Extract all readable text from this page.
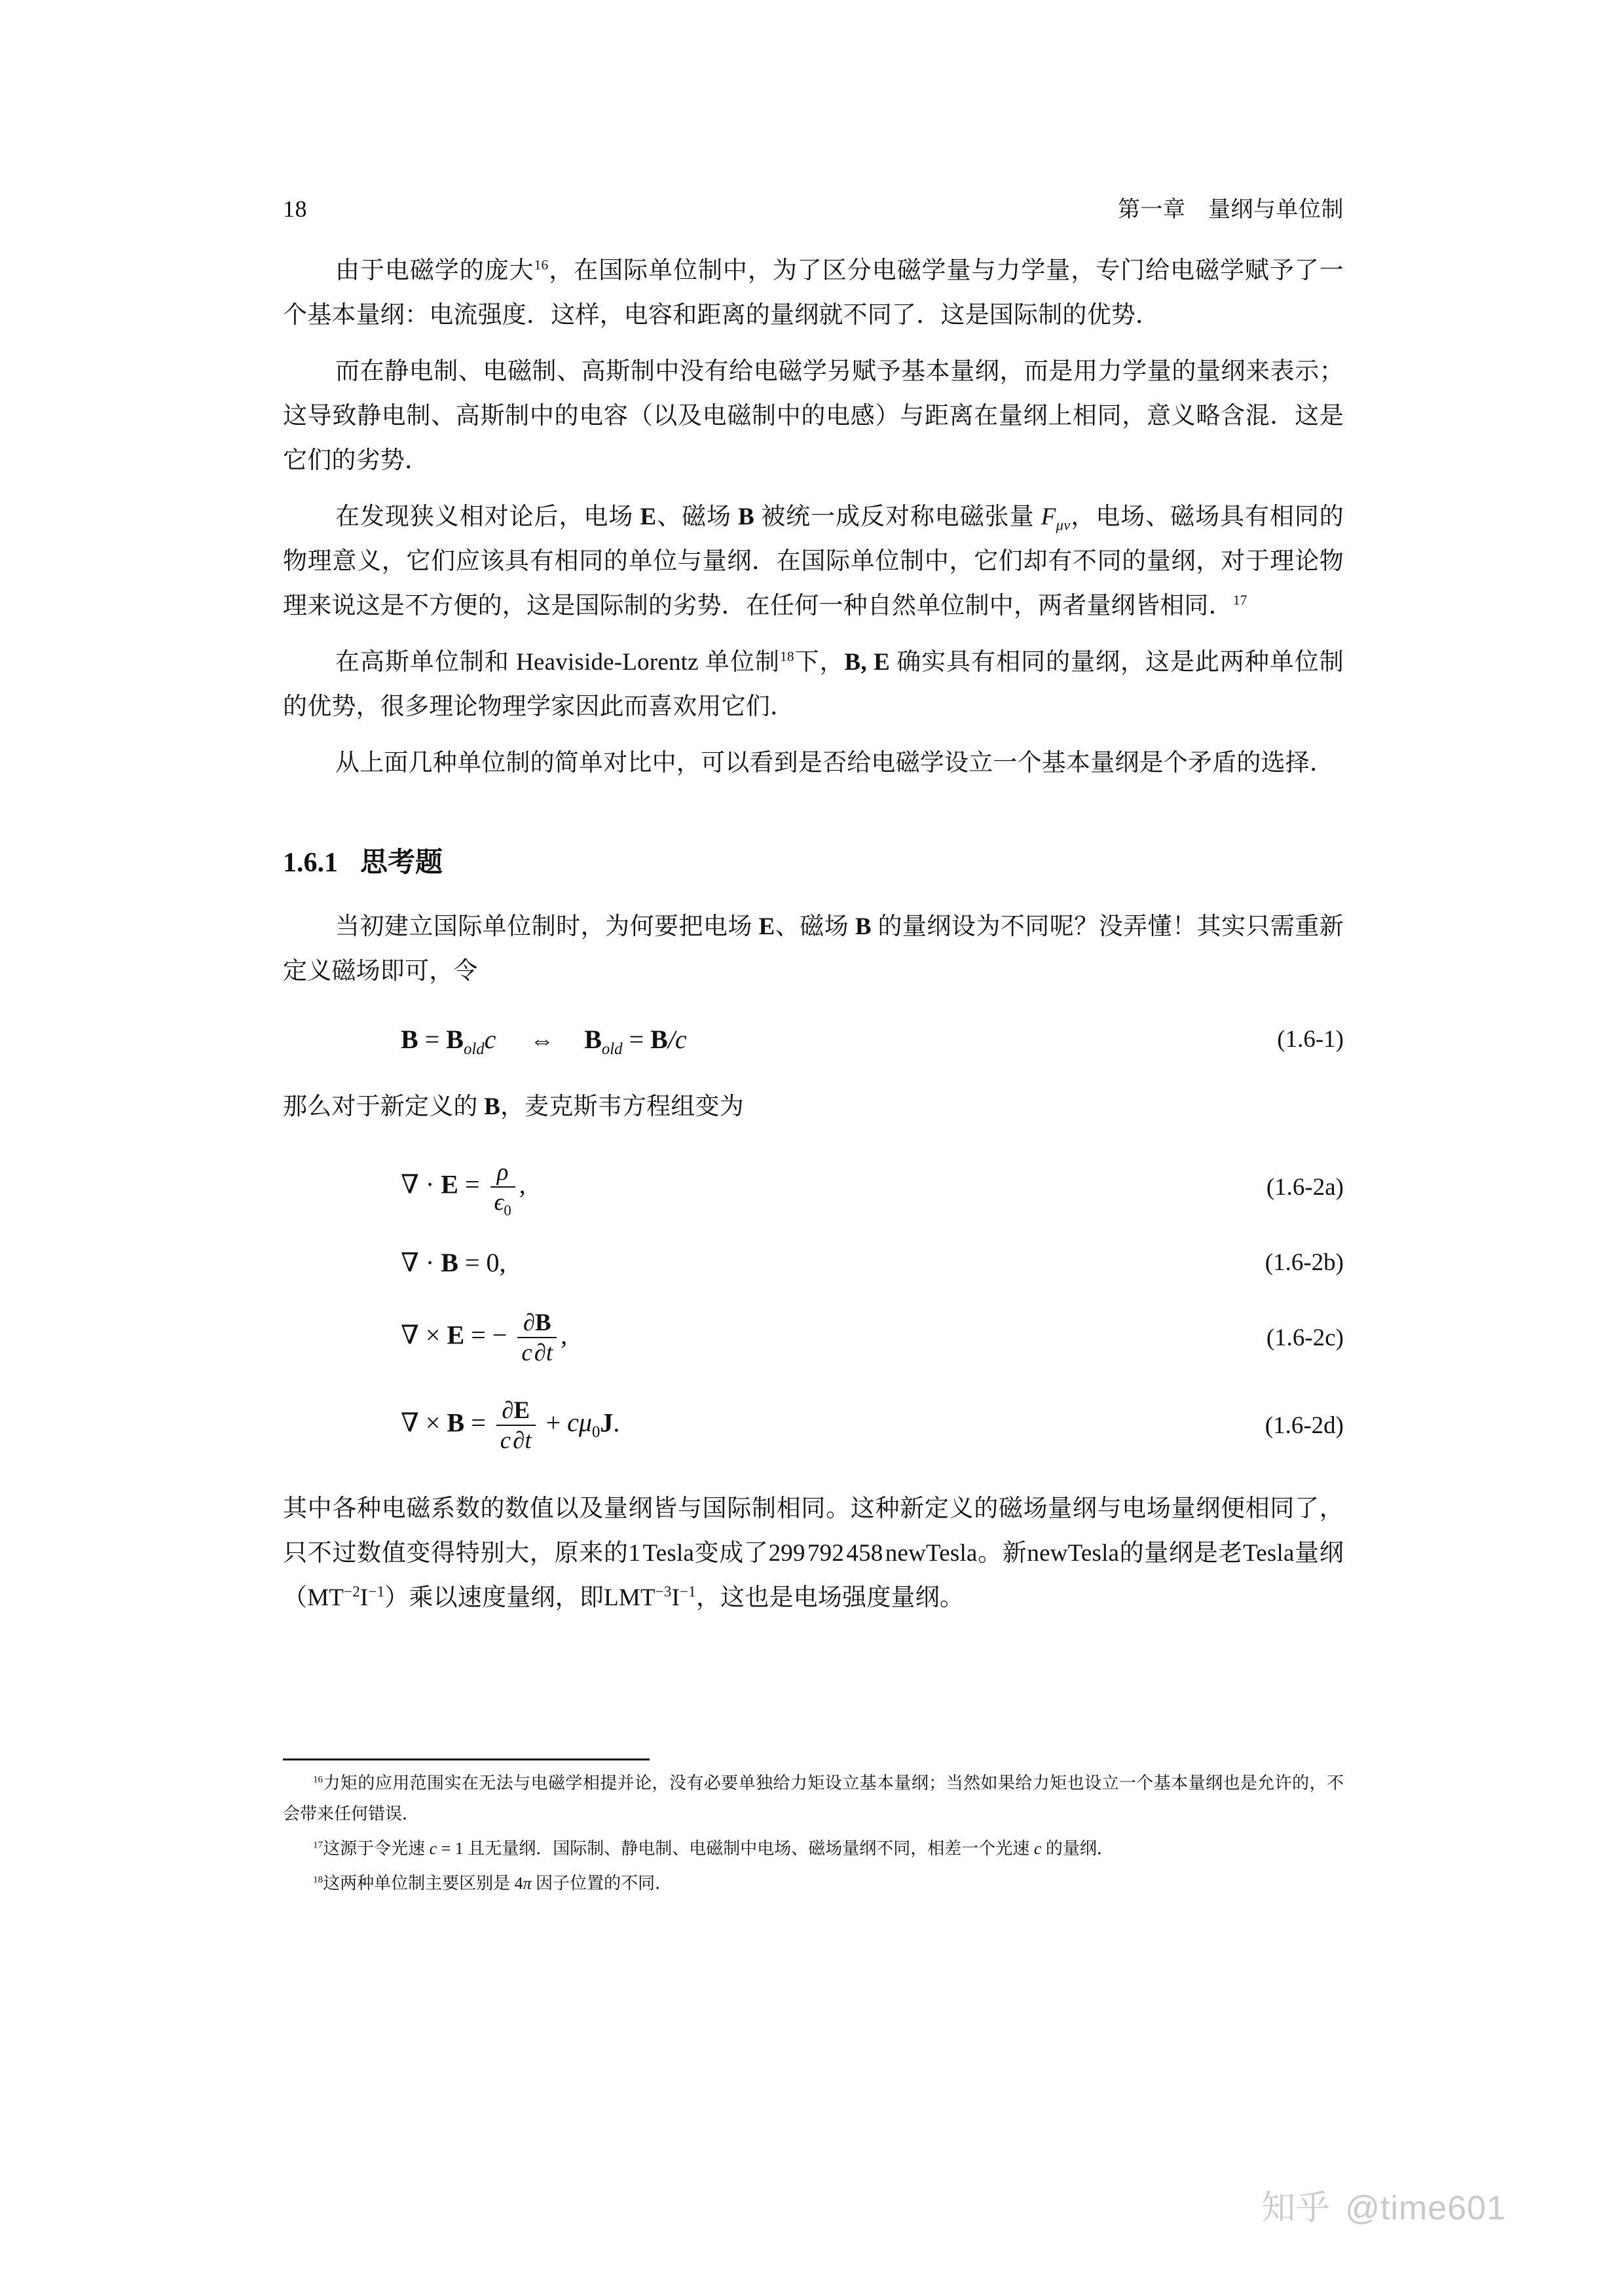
18	第一章　量纲与单位制

由于电磁学的庞大$^{16}$，在国际单位制中，为了区分电磁学量与力学量，专门给电磁学赋予了一个基本量纲：电流强度．这样，电容和距离的量纲就不同了．这是国际制的优势．

而在静电制、电磁制、高斯制中没有给电磁学另赋予基本量纲，而是用力学量的量纲来表示；这导致静电制、高斯制中的电容（以及电磁制中的电感）与距离在量纲上相同，意义略含混．这是它们的劣势．

在发现狭义相对论后，电场 E、磁场 B 被统一成反对称电磁张量 $F_{\mu\nu}$，电场、磁场具有相同的物理意义，它们应该具有相同的单位与量纲．在国际单位制中，它们却有不同的量纲，对于理论物理来说这是不方便的，这是国际制的劣势．在任何一种自然单位制中，两者量纲皆相同．$^{17}$

在高斯单位制和 Heaviside-Lorentz 单位制$^{18}$下，B, E 确实具有相同的量纲，这是此两种单位制的优势，很多理论物理学家因此而喜欢用它们．

从上面几种单位制的简单对比中，可以看到是否给电磁学设立一个基本量纲是个矛盾的选择．

1.6.1 思考题

当初建立国际单位制时，为何要把电场 E、磁场 B 的量纲设为不同呢？没弄懂！其实只需重新定义磁场即可，令

$B = B_{old}c$ ⇔ $B_{old} = B/c$	(1.6-1)

那么对于新定义的 B，麦克斯韦方程组变为

∇ · $E = \frac{\rho}{\epsilon_0}$ ,	(1.6-2a)
∇ · B = 0,	(1.6-2b)
∇ × E = − $\frac{\partial B}{c \partial t}$ ,	(1.6-2c)
∇ × $B = \frac{\partial E}{c \partial t} + c\mu_0J$.	(1.6-2d)

其中各种电磁系数的数值以及量纲皆与国际制相同。这种新定义的磁场量纲与电场量纲便相同了，只不过数值变得特别大，原来的1 Tesla变成了299 792 458 newTesla。新newTesla的量纲是老Tesla量纲$(MT^{-2}I^{-1})$乘以速度量纲，即$LMT^{-3}I^{-1}$，这也是电场强度量纲。

$^{16}$力矩的应用范围实在无法与电磁学相提并论，没有必要单独给力矩设立基本量纲；当然如果给力矩也设立一个基本量纲也是允许的，不会带来任何错误．

$^{17}$这源于令光速 c = 1 且无量纲．国际制、静电制、电磁制中电场、磁场量纲不同，相差一个光速 c 的量纲．

$^{18}$这两种单位制主要区别是 4π 因子位置的不同．

知乎 @time601
